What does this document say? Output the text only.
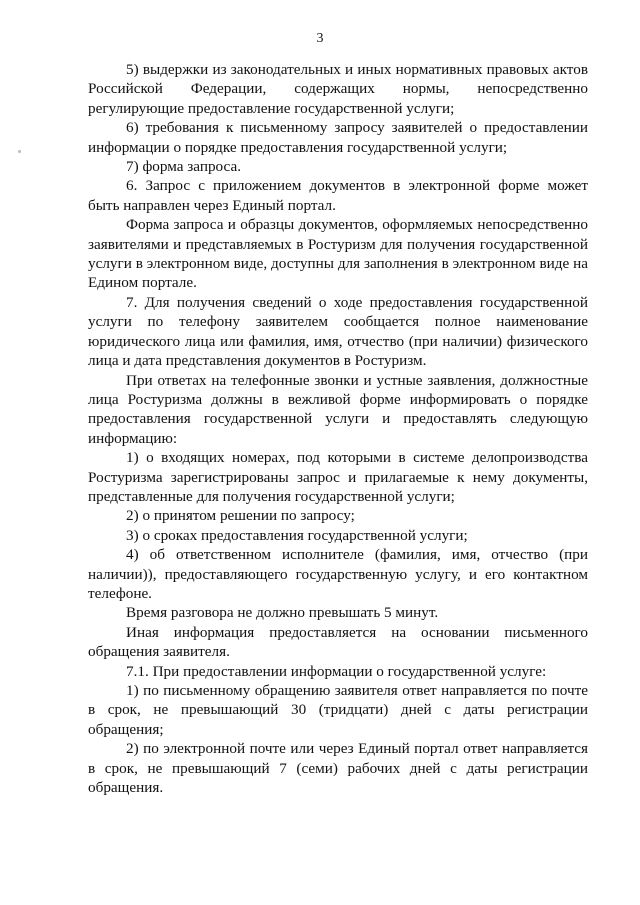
3

5) выдержки из законодательных и иных нормативных правовых актов Российской Федерации, содержащих нормы, непосредственно регулирующие предоставление государственной услуги;

6) требования к письменному запросу заявителей о предоставлении информации о порядке предоставления государственной услуги;

7) форма запроса.

6. Запрос с приложением документов в электронной форме может быть направлен через Единый портал.

Форма запроса и образцы документов, оформляемых непосредственно заявителями и представляемых в Ростуризм для получения государственной услуги в электронном виде, доступны для заполнения в электронном виде на Едином портале.

7. Для получения сведений о ходе предоставления государственной услуги по телефону заявителем сообщается полное наименование юридического лица или фамилия, имя, отчество (при наличии) физического лица и дата представления документов в Ростуризм.

При ответах на телефонные звонки и устные заявления, должностные лица Ростуризма должны в вежливой форме информировать о порядке предоставления государственной услуги и предоставлять следующую информацию:

1) о входящих номерах, под которыми в системе делопроизводства Ростуризма зарегистрированы запрос и прилагаемые к нему документы, представленные для получения государственной услуги;

2) о принятом решении по запросу;

3) о сроках предоставления государственной услуги;

4) об ответственном исполнителе (фамилия, имя, отчество (при наличии)), предоставляющего государственную услугу, и его контактном телефоне.

Время разговора не должно превышать 5 минут.

Иная информация предоставляется на основании письменного обращения заявителя.

7.1. При предоставлении информации о государственной услуге:

1) по письменному обращению заявителя ответ направляется по почте в срок, не превышающий 30 (тридцати) дней с даты регистрации обращения;

2) по электронной почте или через Единый портал ответ направляется в срок, не превышающий 7 (семи) рабочих дней с даты регистрации обращения.
